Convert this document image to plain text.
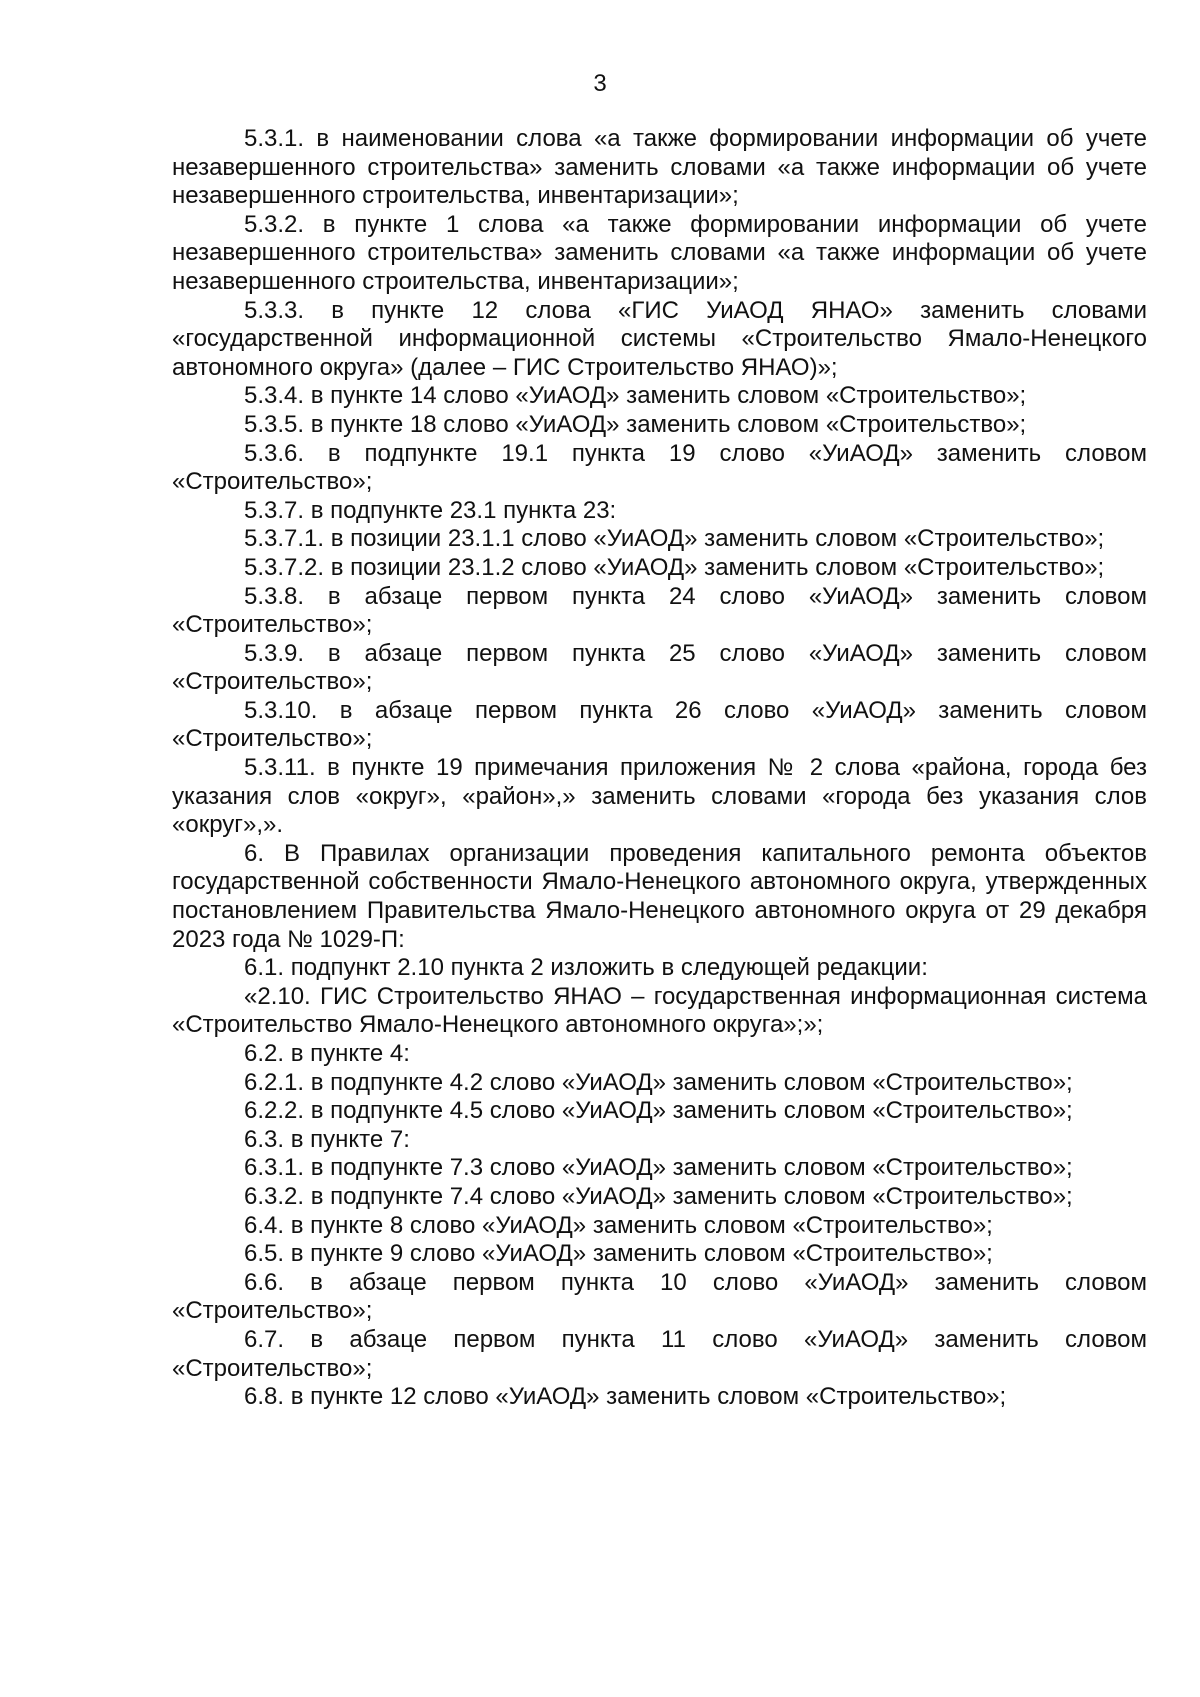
3

5.3.1. в наименовании слова «а также формировании информации об учете незавершенного строительства» заменить словами «а также информации об учете незавершенного строительства, инвентаризации»;

5.3.2. в пункте 1 слова «а также формировании информации об учете незавершенного строительства» заменить словами «а также информации об учете незавершенного строительства, инвентаризации»;

5.3.3. в пункте 12 слова «ГИС УиАОД ЯНАО» заменить словами «государственной информационной системы «Строительство Ямало-Ненецкого автономного округа» (далее – ГИС Строительство ЯНАО)»;

5.3.4. в пункте 14 слово «УиАОД» заменить словом «Строительство»;

5.3.5. в пункте 18 слово «УиАОД» заменить словом «Строительство»;

5.3.6. в подпункте 19.1 пункта 19 слово «УиАОД» заменить словом «Строительство»;

5.3.7. в подпункте 23.1 пункта 23:

5.3.7.1. в позиции 23.1.1 слово «УиАОД» заменить словом «Строительство»;

5.3.7.2. в позиции 23.1.2 слово «УиАОД» заменить словом «Строительство»;

5.3.8. в абзаце первом пункта 24 слово «УиАОД» заменить словом «Строительство»;

5.3.9. в абзаце первом пункта 25 слово «УиАОД» заменить словом «Строительство»;

5.3.10. в абзаце первом пункта 26 слово «УиАОД» заменить словом «Строительство»;

5.3.11. в пункте 19 примечания приложения № 2 слова «района, города без указания слов «округ», «район»,» заменить словами «города без указания слов «округ»,».

6. В Правилах организации проведения капитального ремонта объектов государственной собственности Ямало-Ненецкого автономного округа, утвержденных постановлением Правительства Ямало-Ненецкого автономного округа от 29 декабря 2023 года № 1029-П:

6.1. подпункт 2.10 пункта 2 изложить в следующей редакции:

«2.10. ГИС Строительство ЯНАО – государственная информационная система «Строительство Ямало-Ненецкого автономного округа»;»;

6.2. в пункте 4:

6.2.1. в подпункте 4.2 слово «УиАОД» заменить словом «Строительство»;

6.2.2. в подпункте 4.5 слово «УиАОД» заменить словом «Строительство»;

6.3. в пункте 7:

6.3.1. в подпункте 7.3 слово «УиАОД» заменить словом «Строительство»;

6.3.2. в подпункте 7.4 слово «УиАОД» заменить словом «Строительство»;

6.4. в пункте 8 слово «УиАОД» заменить словом «Строительство»;

6.5. в пункте 9 слово «УиАОД» заменить словом «Строительство»;

6.6. в абзаце первом пункта 10 слово «УиАОД» заменить словом «Строительство»;

6.7. в абзаце первом пункта 11 слово «УиАОД» заменить словом «Строительство»;

6.8. в пункте 12 слово «УиАОД» заменить словом «Строительство»;
